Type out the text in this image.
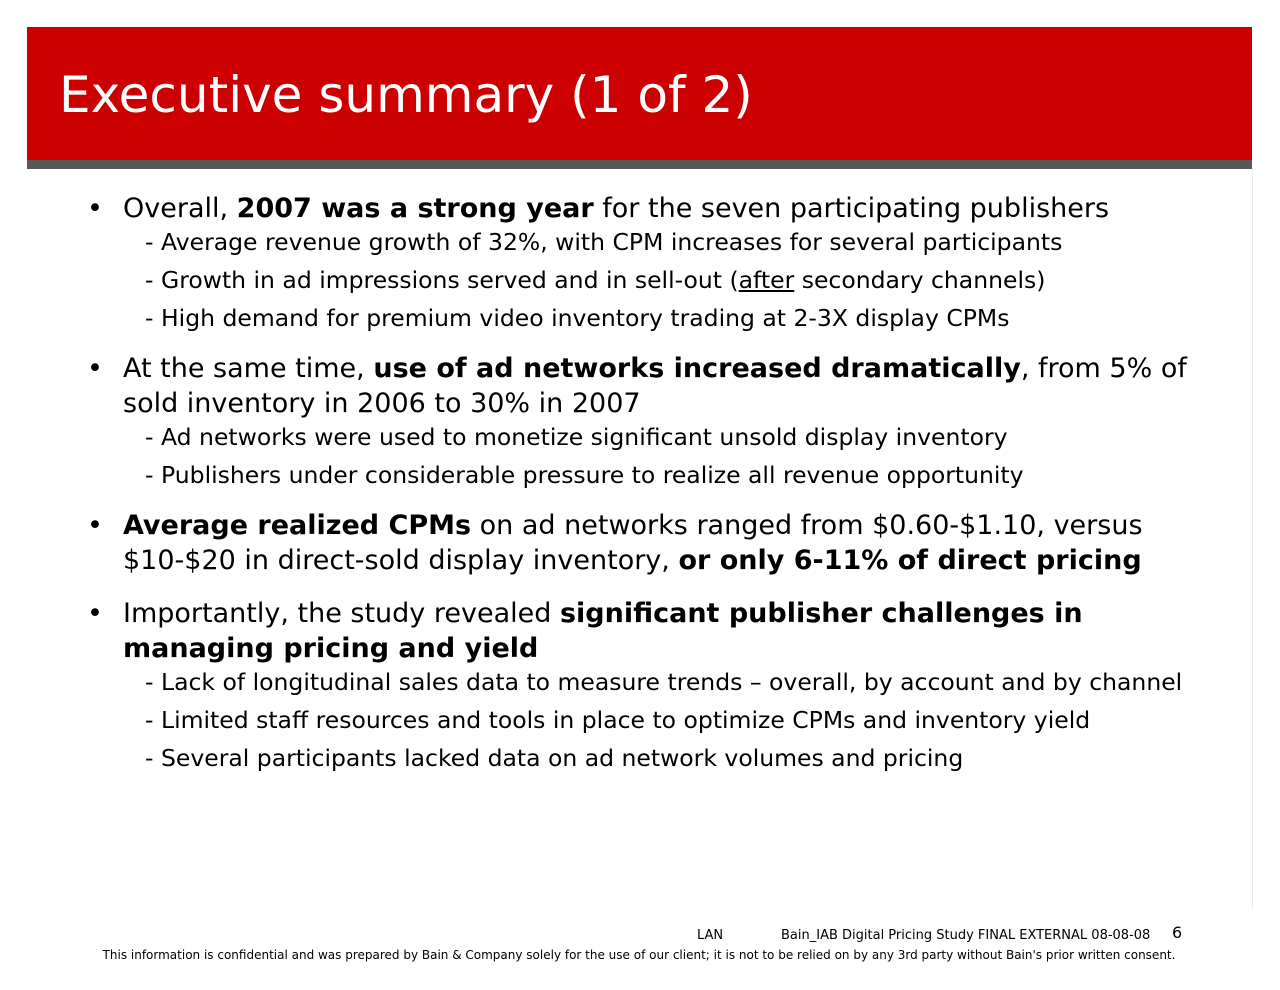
Executive summary (1 of 2)
• Overall, 2007 was a strong year for the seven participating publishers
- Average revenue growth of 32%, with CPM increases for several participants
- Growth in ad impressions served and in sell-out (after secondary channels)
- High demand for premium video inventory trading at 2-3X display CPMs
• At the same time, use of ad networks increased dramatically, from 5% of sold inventory in 2006 to 30% in 2007
- Ad networks were used to monetize significant unsold display inventory
- Publishers under considerable pressure to realize all revenue opportunity
• Average realized CPMs on ad networks ranged from $0.60-$1.10, versus $10-$20 in direct-sold display inventory, or only 6-11% of direct pricing
• Importantly, the study revealed significant publisher challenges in managing pricing and yield
- Lack of longitudinal sales data to measure trends – overall, by account and by channel
- Limited staff resources and tools in place to optimize CPMs and inventory yield
- Several participants lacked data on ad network volumes and pricing
LAN	Bain_IAB Digital Pricing Study FINAL EXTERNAL 08-08-08 6
This information is confidential and was prepared by Bain & Company solely for the use of our client; it is not to be relied on by any 3rd party without Bain's prior written consent.
